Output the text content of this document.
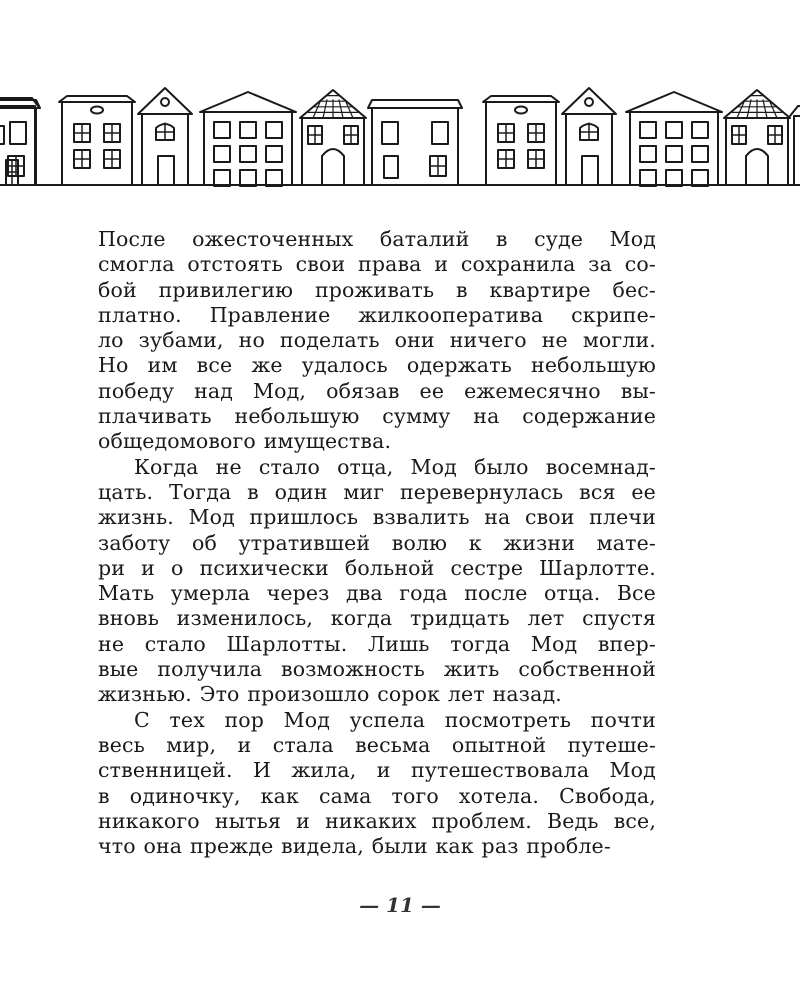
После ожесточенных баталий в суде Мод
смогла отстоять свои права и сохранила за со-
бой привилегию проживать в квартире бес-
платно. Правление жилкооператива скрипе-
ло зубами, но поделать они ничего не могли.
Но им все же удалось одержать небольшую
победу над Мод, обязав ее ежемесячно вы-
плачивать небольшую сумму на содержание
общедомового имущества.
Когда не стало отца, Мод было восемнад-
цать. Тогда в один миг перевернулась вся ее
жизнь. Мод пришлось взвалить на свои плечи
заботу об утратившей волю к жизни мате-
ри и о психически больной сестре Шарлотте.
Мать умерла через два года после отца. Все
вновь изменилось, когда тридцать лет спустя
не стало Шарлотты. Лишь тогда Мод впер-
вые получила возможность жить собственной
жизнью. Это произошло сорок лет назад.
С тех пор Мод успела посмотреть почти
весь мир, и стала весьма опытной путеше-
ственницей. И жила, и путешествовала Мод
в одиночку, как сама того хотела. Свобода,
никакого нытья и никаких проблем. Ведь все,
что она прежде видела, были как раз пробле-
— 11 —
